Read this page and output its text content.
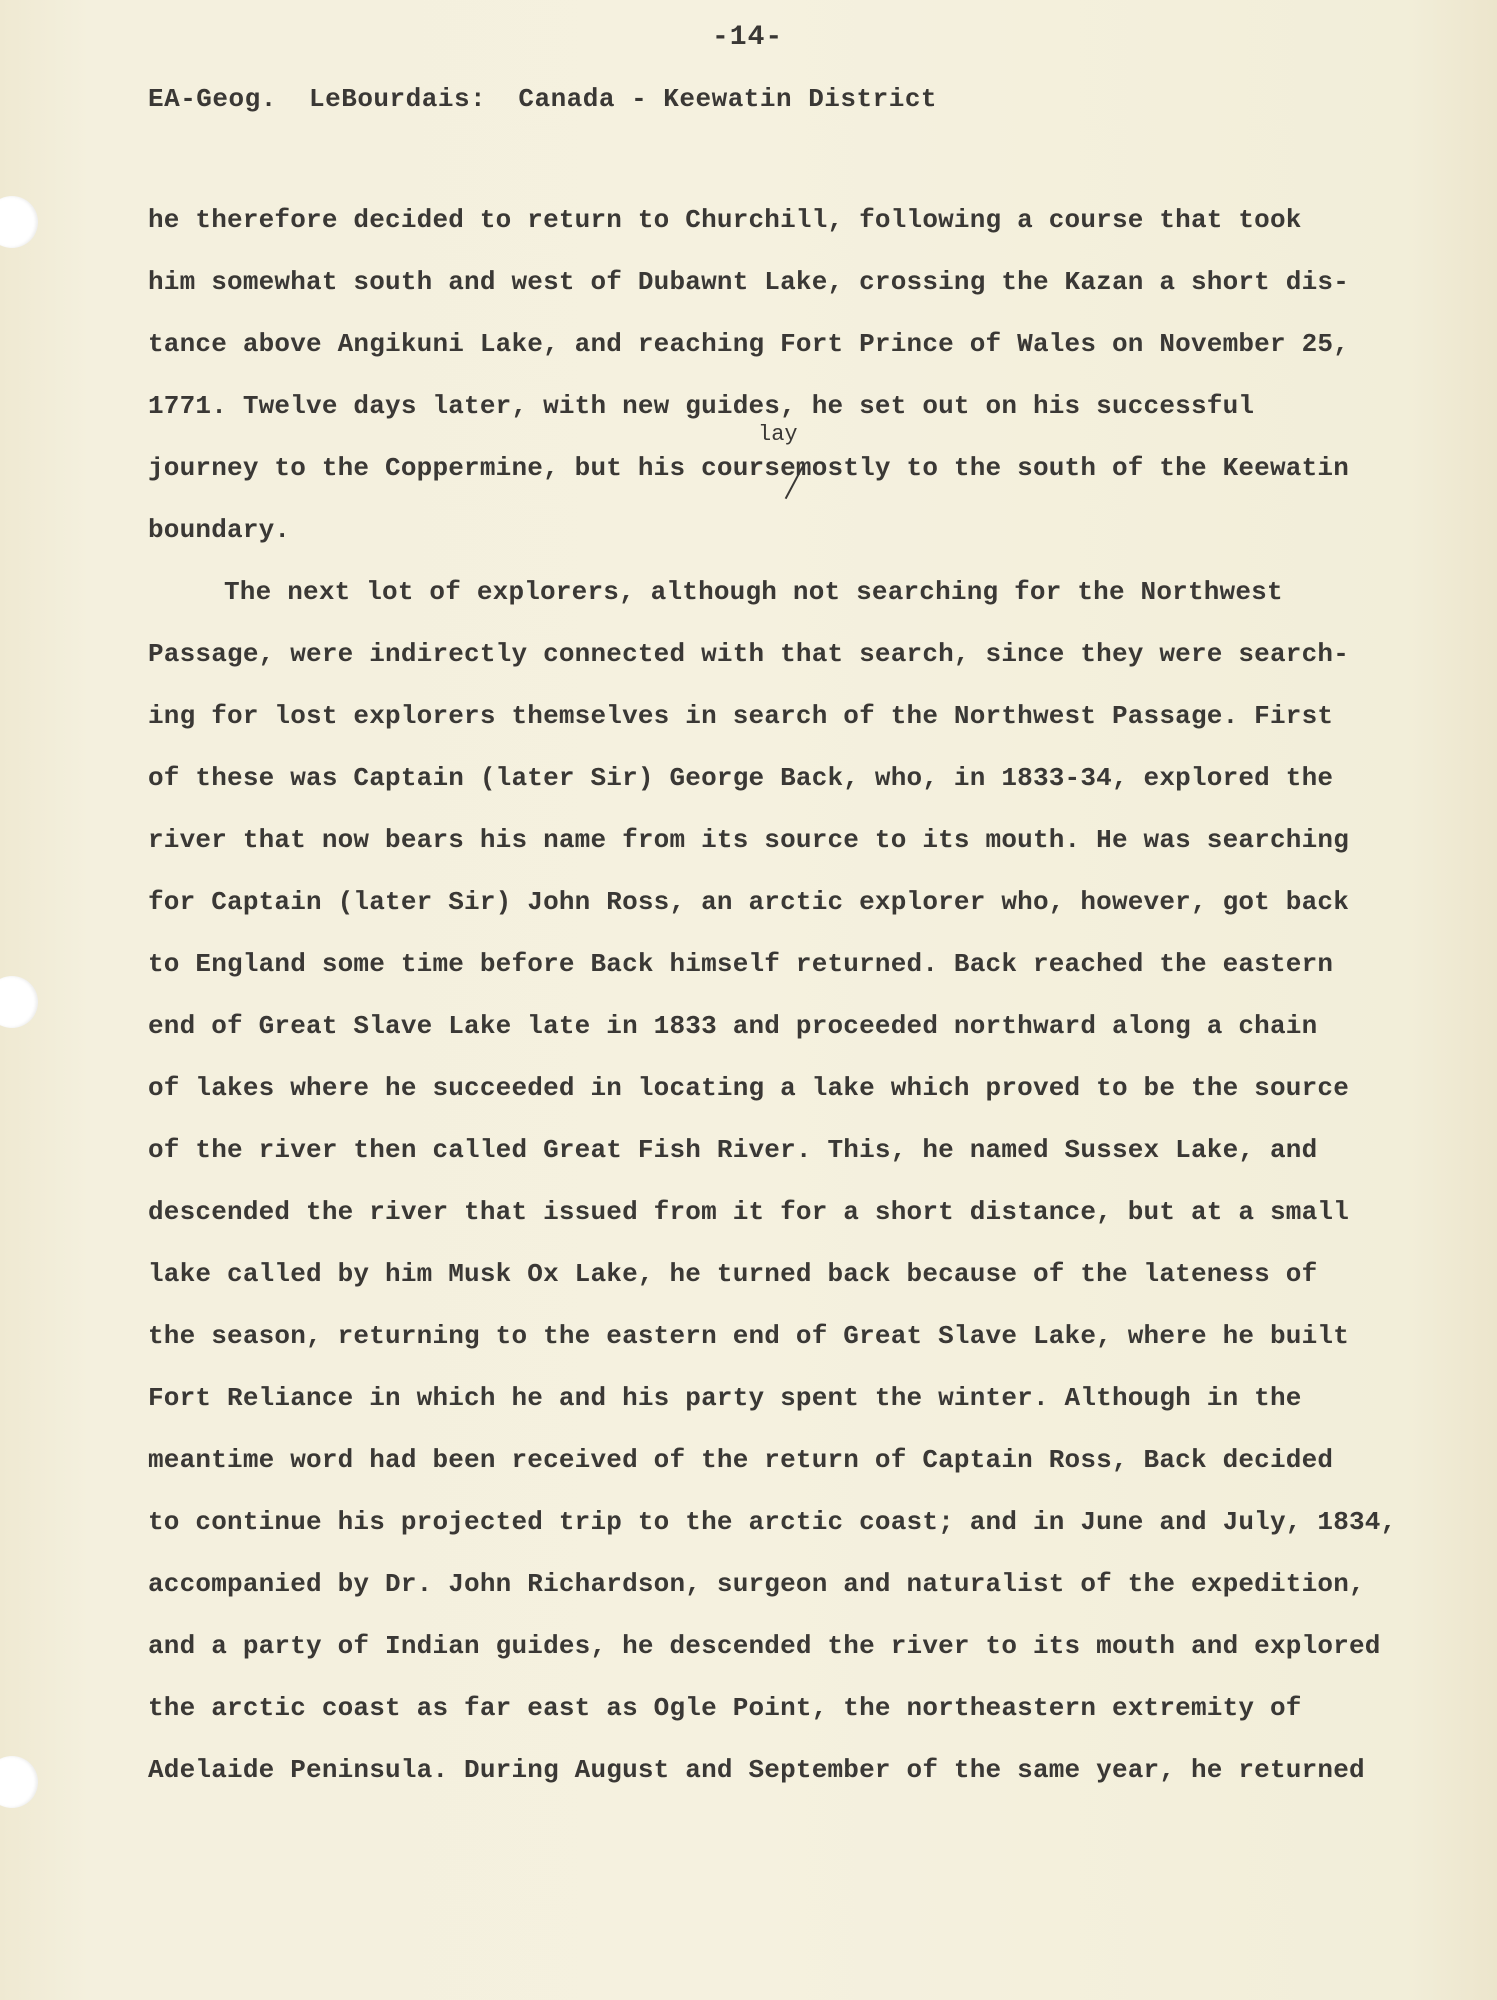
-14-

EA-Geog.  LeBourdais:  Canada - Keewatin District

he therefore decided to return to Churchill, following a course that took
him somewhat south and west of Dubawnt Lake, crossing the Kazan a short dis-
tance above Angikuni Lake, and reaching Fort Prince of Wales on November 25,
1771. Twelve days later, with new guides, he set out on his successful
lay
journey to the Coppermine, but his coursemostly to the south of the Keewatin
boundary.
The next lot of explorers, although not searching for the Northwest
Passage, were indirectly connected with that search, since they were search-
ing for lost explorers themselves in search of the Northwest Passage. First
of these was Captain (later Sir) George Back, who, in 1833-34, explored the
river that now bears his name from its source to its mouth. He was searching
for Captain (later Sir) John Ross, an arctic explorer who, however, got back
to England some time before Back himself returned. Back reached the eastern
end of Great Slave Lake late in 1833 and proceeded northward along a chain
of lakes where he succeeded in locating a lake which proved to be the source
of the river then called Great Fish River. This, he named Sussex Lake, and
descended the river that issued from it for a short distance, but at a small
lake called by him Musk Ox Lake, he turned back because of the lateness of
the season, returning to the eastern end of Great Slave Lake, where he built
Fort Reliance in which he and his party spent the winter. Although in the
meantime word had been received of the return of Captain Ross, Back decided
to continue his projected trip to the arctic coast; and in June and July, 1834,
accompanied by Dr. John Richardson, surgeon and naturalist of the expedition,
and a party of Indian guides, he descended the river to its mouth and explored
the arctic coast as far east as Ogle Point, the northeastern extremity of
Adelaide Peninsula. During August and September of the same year, he returned
